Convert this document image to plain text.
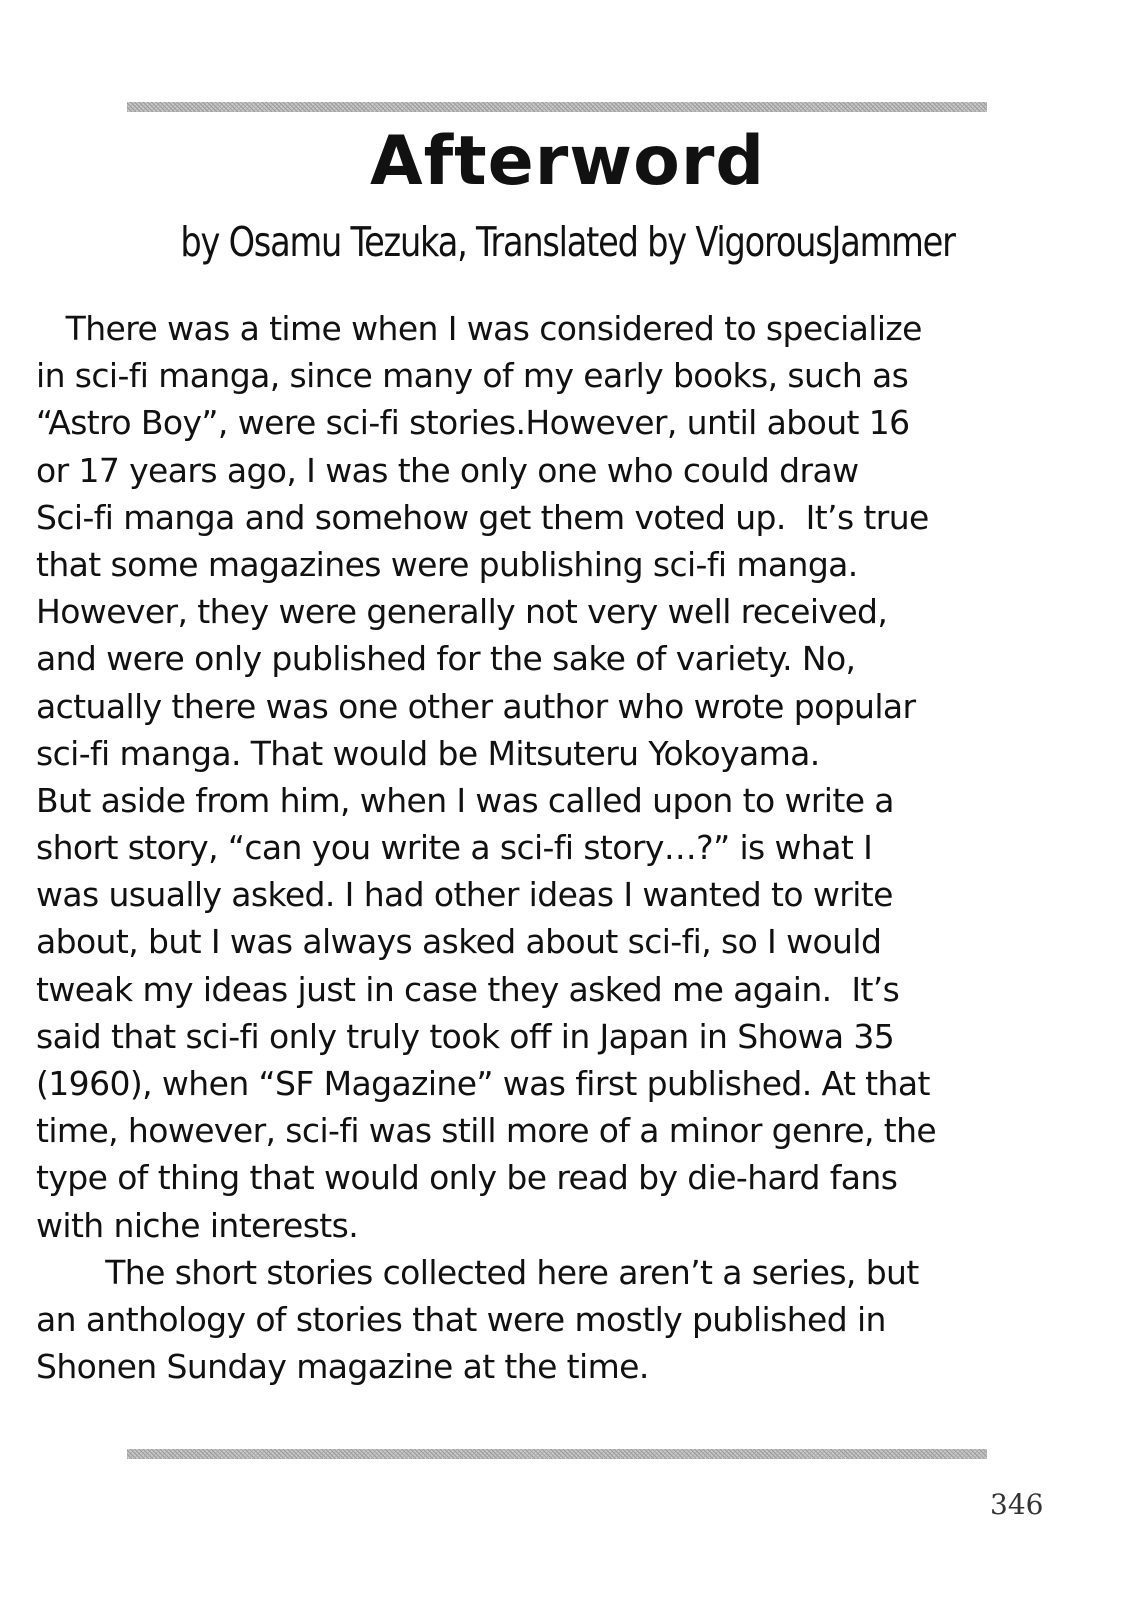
Afterword
by Osamu Tezuka, Translated by VigorousJammer
There was a time when I was considered to specialize
in sci-fi manga, since many of my early books, such as
“Astro Boy”, were sci-fi stories.However, until about 16
or 17 years ago, I was the only one who could draw
Sci-fi manga and somehow get them voted up.  It’s true
that some magazines were publishing sci-fi manga.
However, they were generally not very well received,
and were only published for the sake of variety. No,
actually there was one other author who wrote popular
sci-fi manga. That would be Mitsuteru Yokoyama.
But aside from him, when I was called upon to write a
short story, “can you write a sci-fi story…?” is what I
was usually asked. I had other ideas I wanted to write
about, but I was always asked about sci-fi, so I would
tweak my ideas just in case they asked me again.  It’s
said that sci-fi only truly took off in Japan in Showa 35
(1960), when “SF Magazine” was first published. At that
time, however, sci-fi was still more of a minor genre, the
type of thing that would only be read by die-hard fans
with niche interests.
The short stories collected here aren’t a series, but
an anthology of stories that were mostly published in
Shonen Sunday magazine at the time.
346
